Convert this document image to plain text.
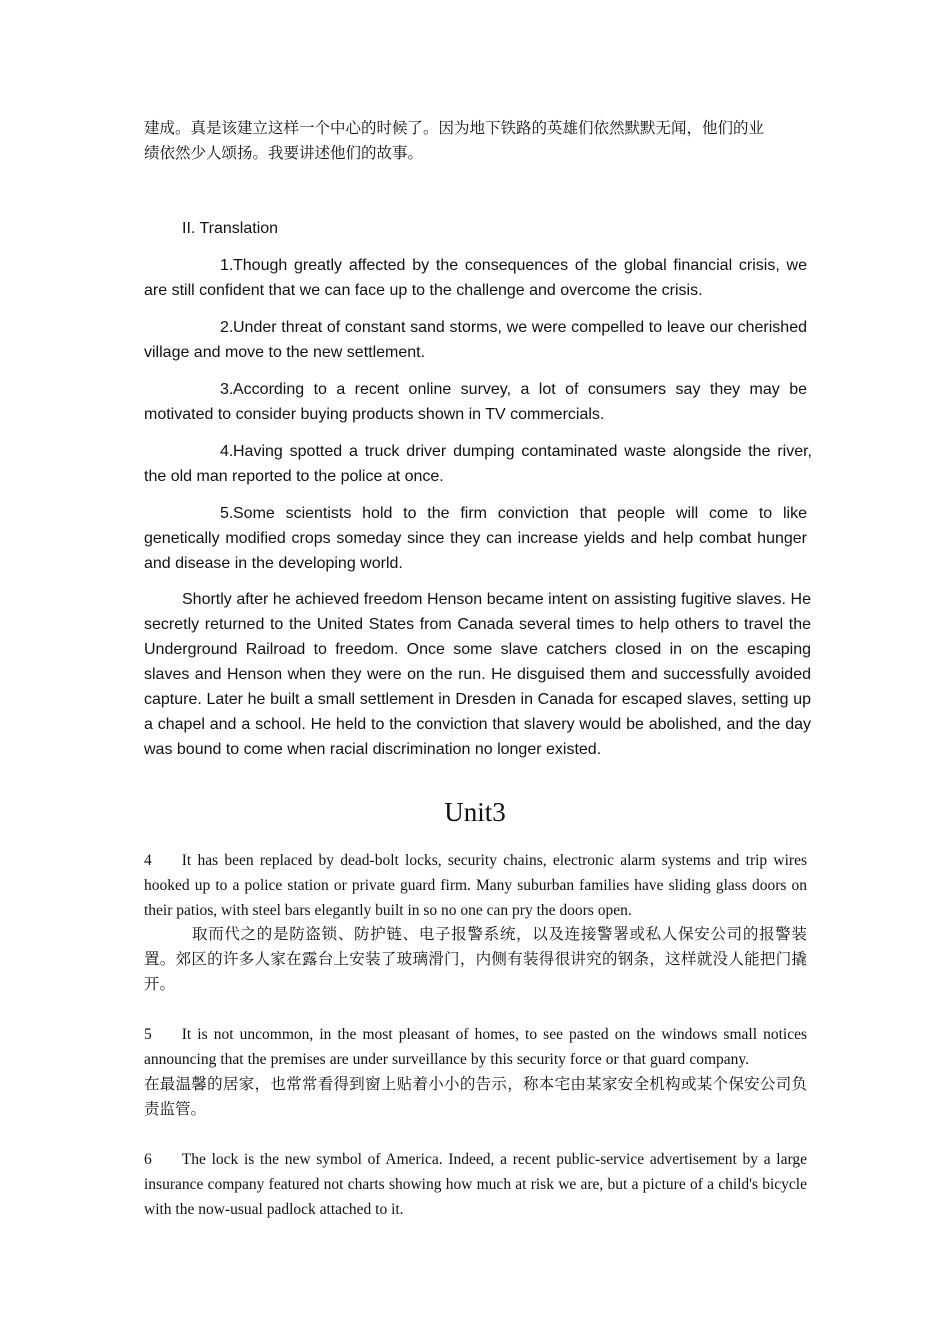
建成。真是该建立这样一个中心的时候了。因为地下铁路的英雄们依然默默无闻，他们的业
绩依然少人颂扬。我要讲述他们的故事。
II. Translation
1.Though greatly affected by the consequences of the global financial crisis, we are still confident that we can face up to the challenge and overcome the crisis.
2.Under threat of constant sand storms, we were compelled to leave our cherished village and move to the new settlement.
3.According to a recent online survey, a lot of consumers say they may be motivated to consider buying products shown in TV commercials.
4.Having spotted a truck driver dumping contaminated waste alongside the river, the old man reported to the police at once.
5.Some scientists hold to the firm conviction that people will come to like genetically modified crops someday since they can increase yields and help combat hunger and disease in the developing world.
Shortly after he achieved freedom Henson became intent on assisting fugitive slaves. He secretly returned to the United States from Canada several times to help others to travel the Underground Railroad to freedom. Once some slave catchers closed in on the escaping slaves and Henson when they were on the run. He disguised them and successfully avoided capture. Later he built a small settlement in Dresden in Canada for escaped slaves, setting up a chapel and a school. He held to the conviction that slavery would be abolished, and the day was bound to come when racial discrimination no longer existed.
Unit3
4 It has been replaced by dead-bolt locks, security chains, electronic alarm systems and trip wires hooked up to a police station or private guard firm. Many suburban families have sliding glass doors on their patios, with steel bars elegantly built in so no one can pry the doors open.
取而代之的是防盗锁、防护链、电子报警系统，以及连接警署或私人保安公司的报警装置。郊区的许多人家在露台上安装了玻璃滑门，内侧有装得很讲究的钢条，这样就没人能把门撬开。
5 It is not uncommon, in the most pleasant of homes, to see pasted on the windows small notices announcing that the premises are under surveillance by this security force or that guard company.在最温馨的居家，也常常看得到窗上贴着小小的告示，称本宅由某家安全机构或某个保安公司负责监管。
6 The lock is the new symbol of America. Indeed, a recent public-service advertisement by a large insurance company featured not charts showing how much at risk we are, but a picture of a child's bicycle with the now-usual padlock attached to it.
